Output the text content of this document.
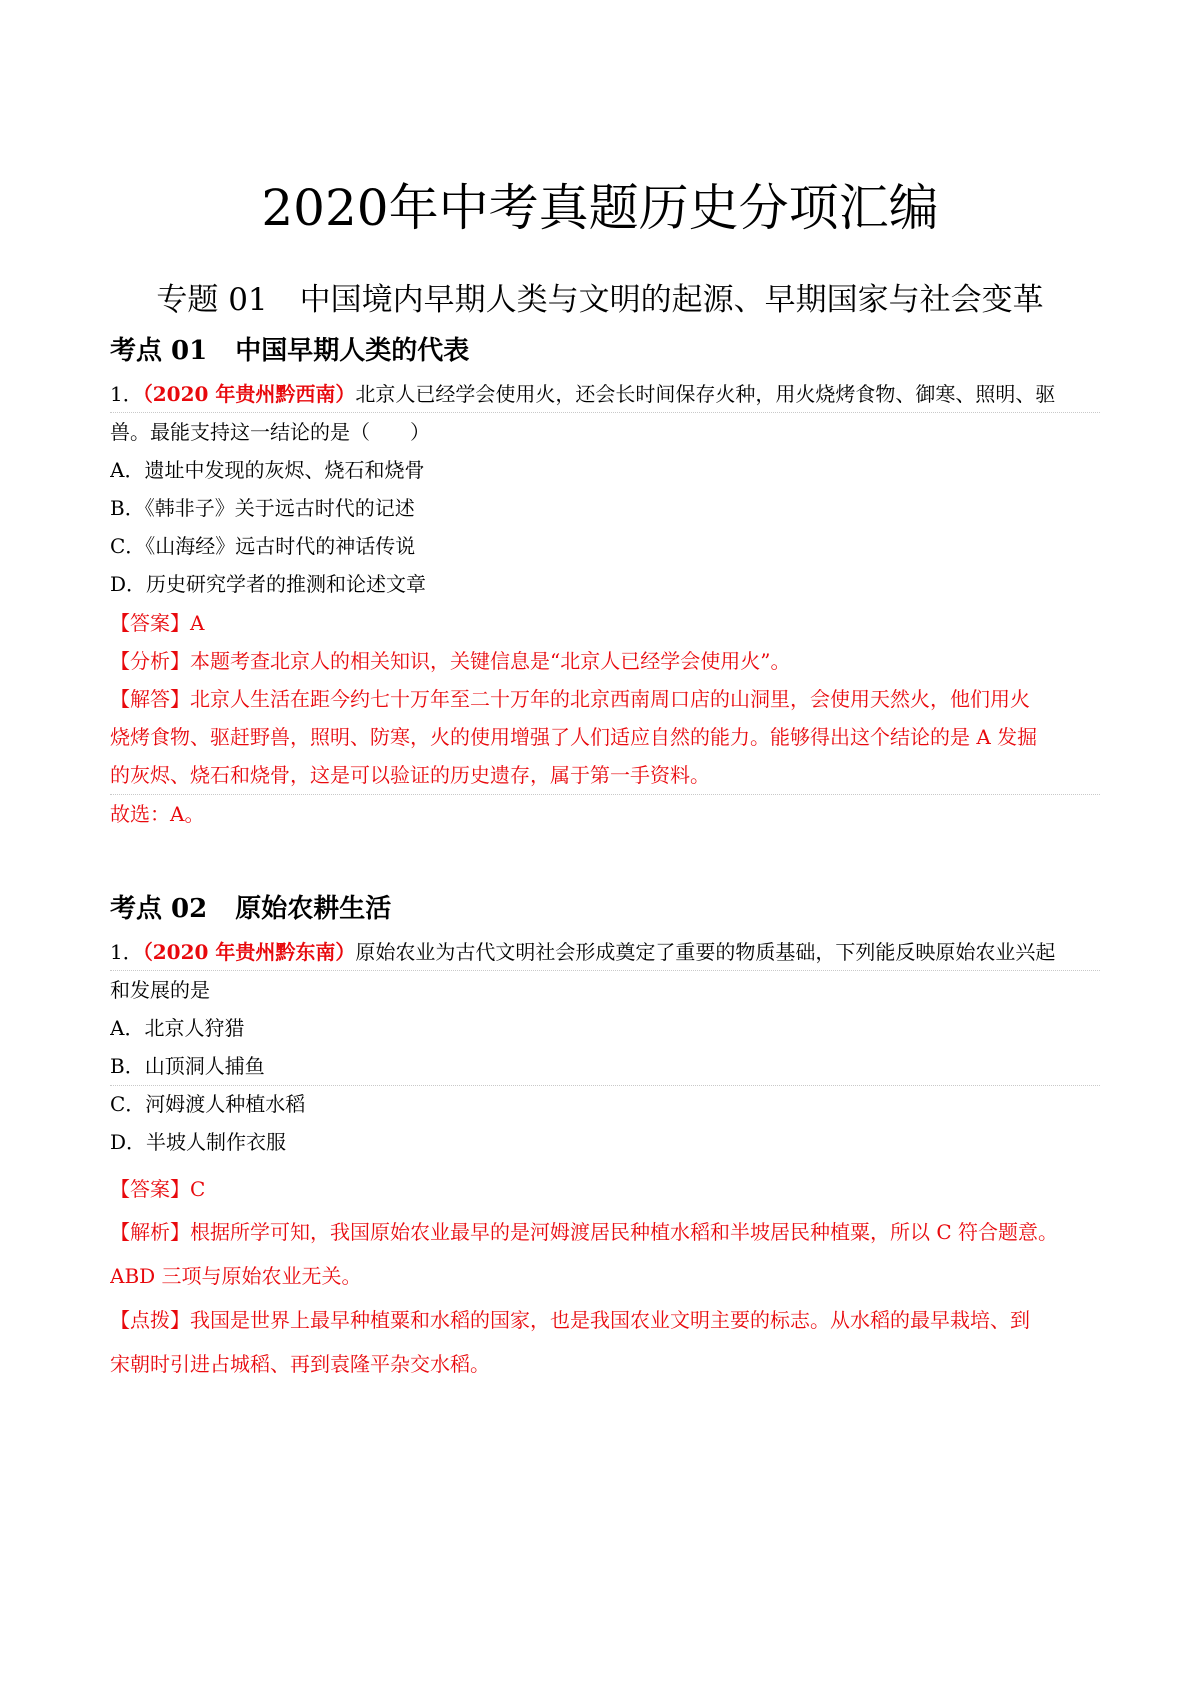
2020年中考真题历史分项汇编
专题 01 中国境内早期人类与文明的起源、早期国家与社会变革
考点 01 中国早期人类的代表
1．（2020 年贵州黔西南）北京人已经学会使用火，还会长时间保存火种，用火烧烤食物、御寒、照明、驱
兽。最能支持这一结论的是（　　）
A．遗址中发现的灰烬、烧石和烧骨
B．《韩非子》关于远古时代的记述
C．《山海经》远古时代的神话传说
D．历史研究学者的推测和论述文章
【答案】A
【分析】本题考查北京人的相关知识，关键信息是“北京人已经学会使用火”。
【解答】北京人生活在距今约七十万年至二十万年的北京西南周口店的山洞里，会使用天然火，他们用火
烧烤食物、驱赶野兽，照明、防寒，火的使用增强了人们适应自然的能力。能够得出这个结论的是 A 发掘
的灰烬、烧石和烧骨，这是可以验证的历史遗存，属于第一手资料。
故选：A。
考点 02 原始农耕生活
1．（2020 年贵州黔东南）原始农业为古代文明社会形成奠定了重要的物质基础，下列能反映原始农业兴起
和发展的是
A．北京人狩猎
B．山顶洞人捕鱼
C．河姆渡人种植水稻
D．半坡人制作衣服
【答案】C
【解析】根据所学可知，我国原始农业最早的是河姆渡居民种植水稻和半坡居民种植粟，所以 C 符合题意。
ABD 三项与原始农业无关。
【点拨】我国是世界上最早种植粟和水稻的国家，也是我国农业文明主要的标志。从水稻的最早栽培、到
宋朝时引进占城稻、再到袁隆平杂交水稻。
